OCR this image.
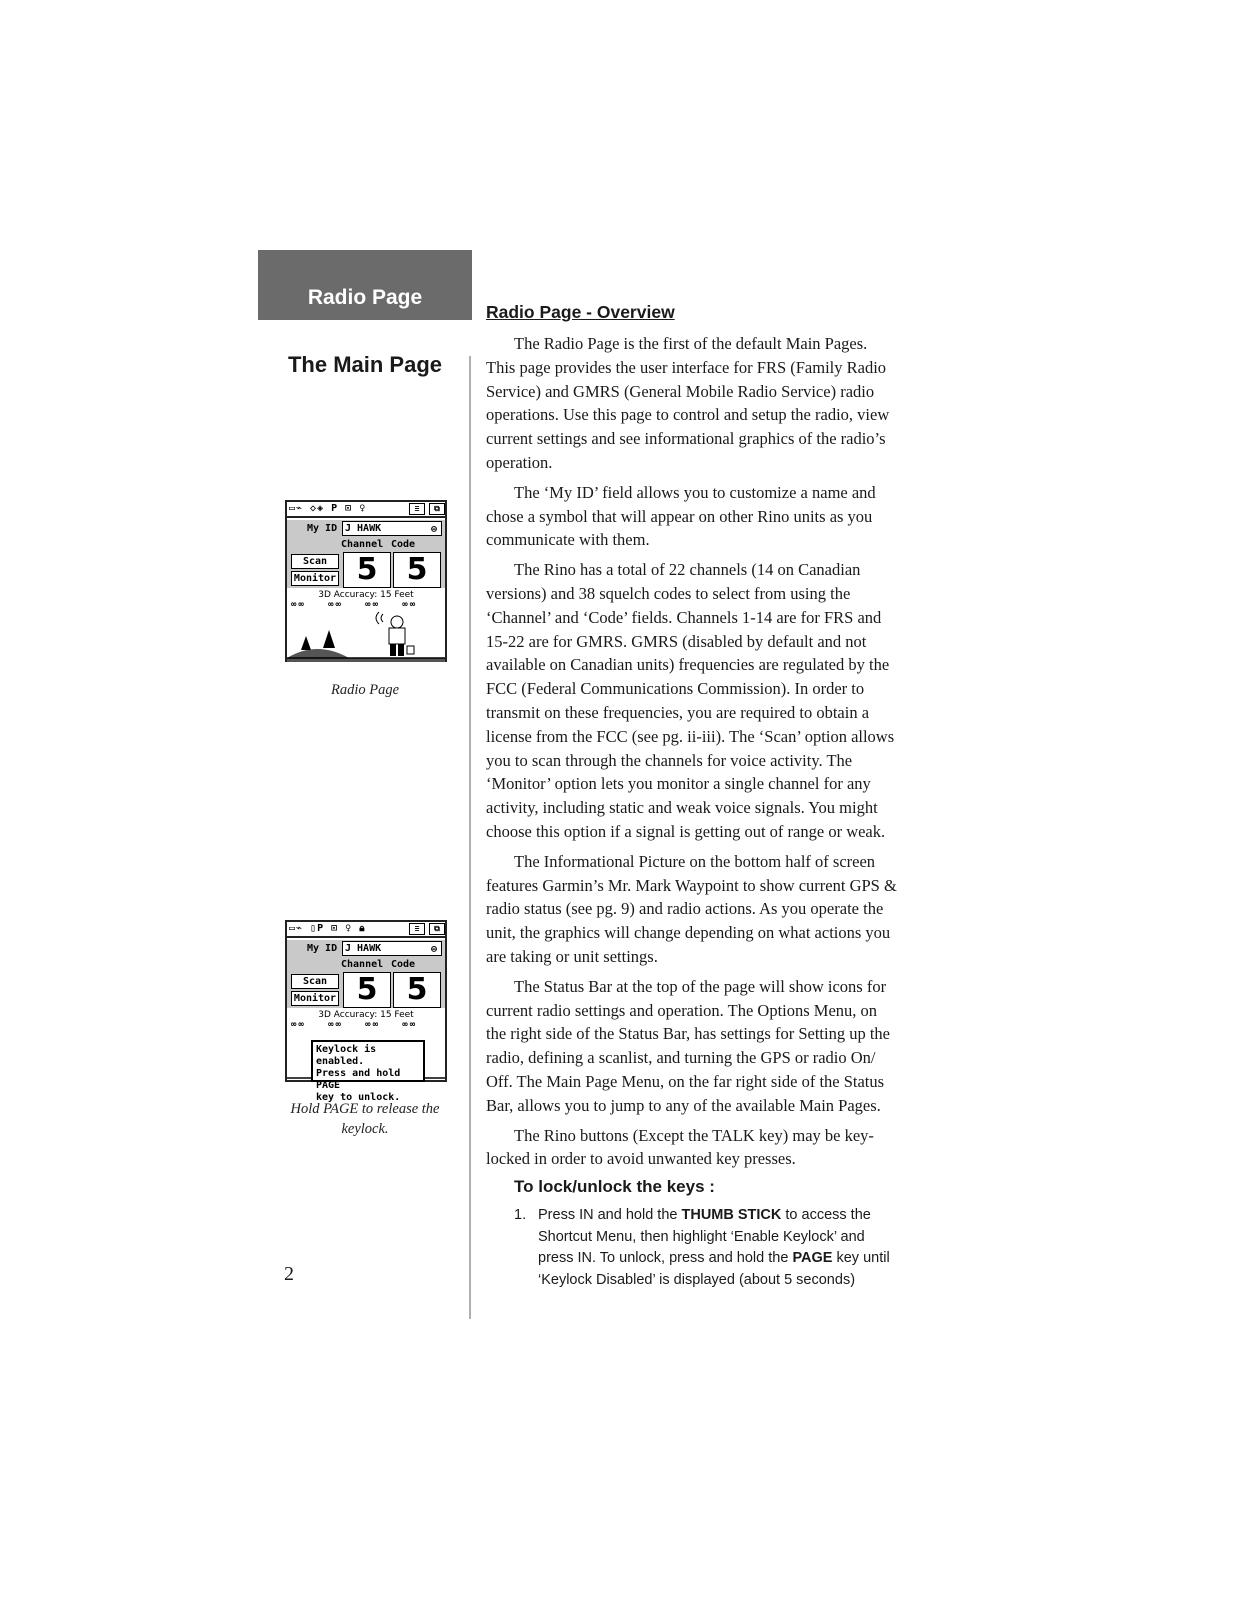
Radio Page
The Main Page
▭⌁ ◇◈ P ⊡ ♀	≡	⧉
My ID J HAWK	⊜
Channel Code
Scan
Monitor 5 5
3D Accuracy: 15 Feet
∞∞   ∞∞   ∞∞   ∞∞
Radio Page
▭⌁ ▯P ⊡ ♀ 🔒︎	≡	⧉
My ID J HAWK	⊜
Channel Code
Scan
Monitor 5 5
3D Accuracy: 15 Feet
∞∞   ∞∞   ∞∞   ∞∞
Keylock is enabled.
Press and hold PAGE
key to unlock.
Hold PAGE to release the
keylock.
2
Radio Page - Overview

The Radio Page is the first of the default Main Pages. This page provides the user interface for FRS (Family Radio Service) and GMRS (General Mobile Radio Service) radio operations. Use this page to control and setup the radio, view current settings and see informational graphics of the radio’s operation.

The ‘My ID’ field allows you to customize a name and chose a symbol that will appear on other Rino units as you communicate with them.

The Rino has a total of 22 channels (14 on Canadian versions) and 38 squelch codes to select from using the ‘Channel’ and ‘Code’ fields. Channels 1-14 are for FRS and 15-22 are for GMRS. GMRS (disabled by default and not available on Canadian units) frequencies are regulated by the FCC (Federal Communications Commission). In order to transmit on these frequencies, you are required to obtain a license from the FCC (see pg. ii-iii). The ‘Scan’ option allows you to scan through the channels for voice activity. The ‘Monitor’ option lets you monitor a single channel for any activity, including static and weak voice signals. You might choose this option if a signal is getting out of range or weak.

The Informational Picture on the bottom half of screen features Garmin’s Mr. Mark Waypoint to show current GPS & radio status (see pg. 9) and radio actions. As you operate the unit, the graphics will change depending on what actions you are taking or unit settings.

The Status Bar at the top of the page will show icons for current radio settings and operation. The Options Menu, on the right side of the Status Bar, has settings for Setting up the radio, defining a scanlist, and turning the GPS or radio On/ Off. The Main Page Menu, on the far right side of the Status Bar, allows you to jump to any of the available Main Pages.

The Rino buttons (Except the TALK key) may be key-locked in order to avoid unwanted key presses.

To lock/unlock the keys :
1. Press IN and hold the THUMB STICK to access the Shortcut Menu, then highlight ‘Enable Keylock’ and press IN. To unlock, press and hold the PAGE key until ‘Keylock Disabled’ is displayed (about 5 seconds)
